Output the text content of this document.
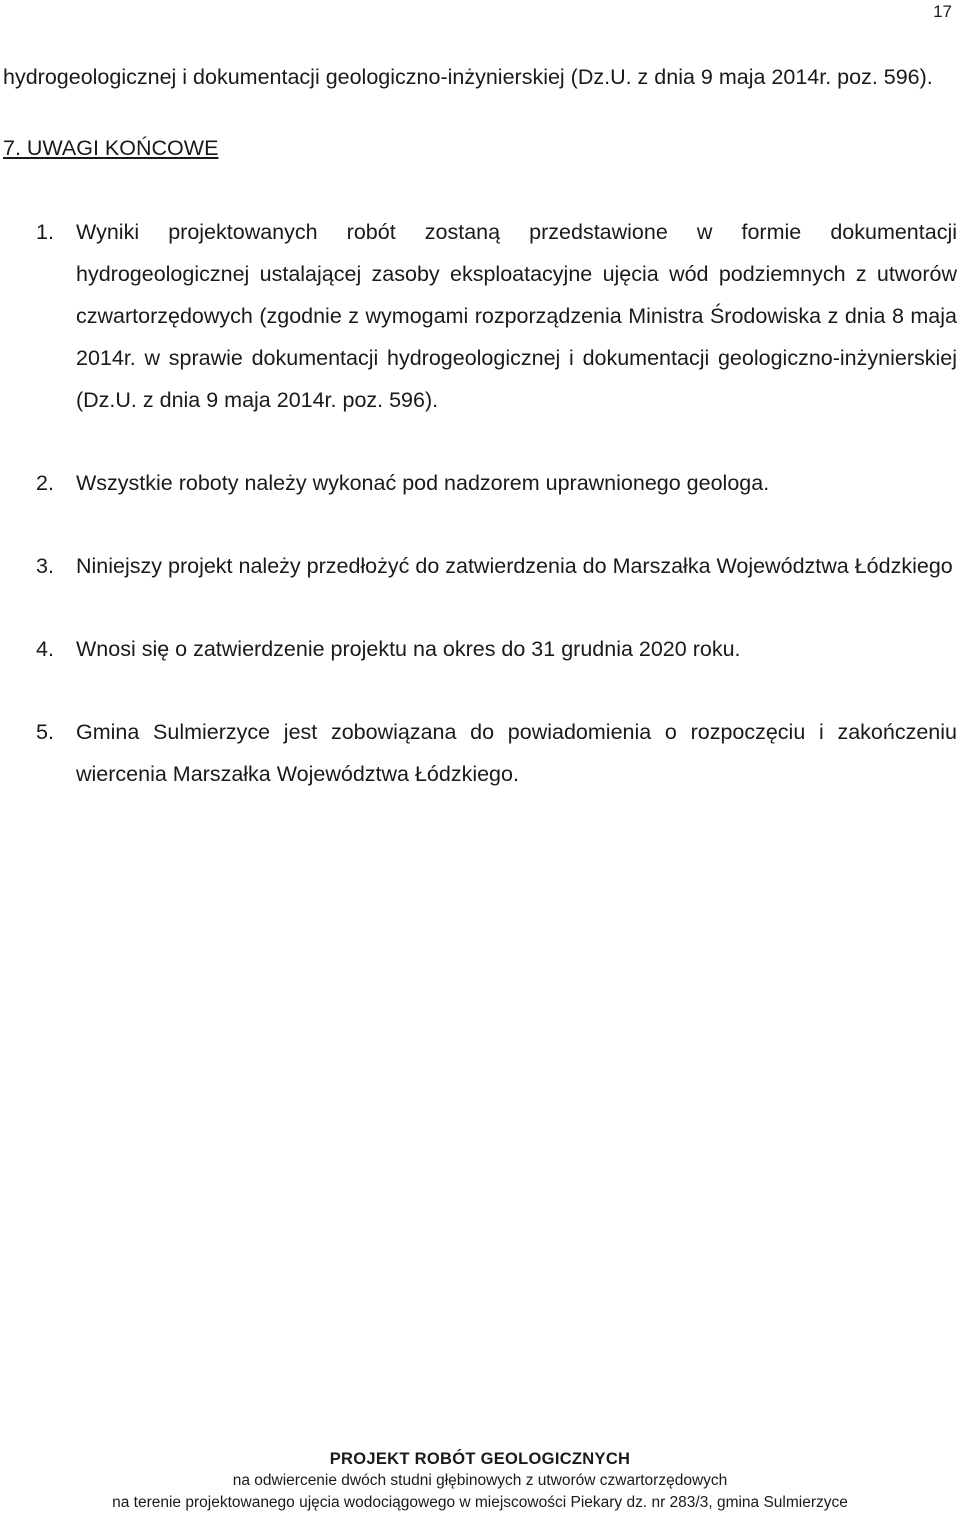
17

hydrogeologicznej i dokumentacji geologiczno-inżynierskiej (Dz.U. z dnia 9 maja 2014r. poz. 596).

7. UWAGI KOŃCOWE
1.	Wyniki projektowanych robót zostaną przedstawione w formie dokumentacji hydrogeologicznej ustalającej zasoby eksploatacyjne ujęcia wód podziemnych z utworów czwartorzędowych (zgodnie z wymogami rozporządzenia Ministra Środowiska z dnia 8 maja 2014r. w sprawie dokumentacji hydrogeologicznej i dokumentacji geologiczno-inżynierskiej (Dz.U. z dnia 9 maja 2014r. poz. 596).
2.	Wszystkie roboty należy wykonać pod nadzorem uprawnionego geologa.
3.	Niniejszy projekt należy przedłożyć do zatwierdzenia do Marszałka Województwa Łódzkiego
4.	Wnosi się o zatwierdzenie projektu na okres do 31 grudnia 2020 roku.
5.	Gmina Sulmierzyce jest zobowiązana do powiadomienia o rozpoczęciu i zakończeniu wiercenia Marszałka Województwa Łódzkiego.
PROJEKT ROBÓT GEOLOGICZNYCH
na odwiercenie dwóch studni głębinowych z utworów czwartorzędowych
na terenie projektowanego ujęcia wodociągowego w miejscowości Piekary dz. nr 283/3, gmina Sulmierzyce
